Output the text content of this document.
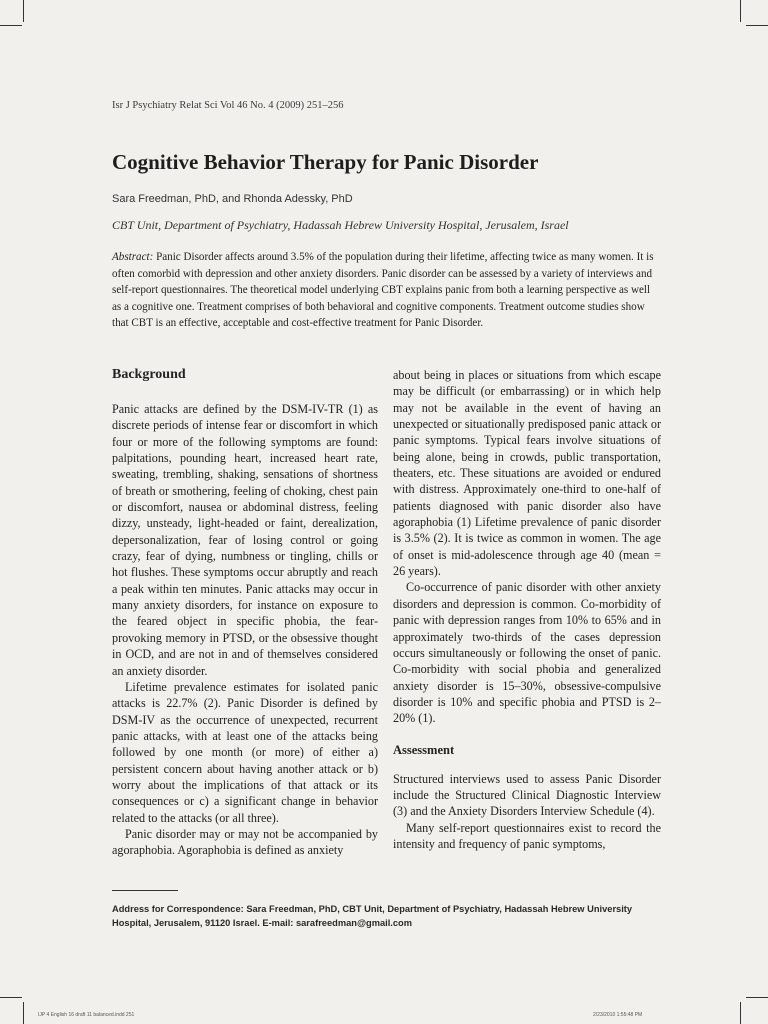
Isr J Psychiatry Relat Sci Vol 46 No. 4 (2009) 251–256
Cognitive Behavior Therapy for Panic Disorder
Sara Freedman, PhD, and Rhonda Adessky, PhD
CBT Unit, Department of Psychiatry, Hadassah Hebrew University Hospital, Jerusalem, Israel

Abstract: Panic Disorder affects around 3.5% of the population during their lifetime, affecting twice as many women. It is often comorbid with depression and other anxiety disorders. Panic disorder can be assessed by a variety of interviews and self-report questionnaires. The theoretical model underlying CBT explains panic from both a learning perspective as well as a cognitive one. Treatment comprises of both behavioral and cognitive components. Treatment outcome studies show that CBT is an effective, acceptable and cost-effective treatment for Panic Disorder.

Background

Panic attacks are defined by the DSM-IV-TR (1) as discrete periods of intense fear or discomfort in which four or more of the following symptoms are found: palpitations, pounding heart, increased heart rate, sweating, trembling, shaking, sensations of shortness of breath or smothering, feeling of choking, chest pain or discomfort, nausea or abdominal distress, feeling dizzy, unsteady, light-headed or faint, derealization, depersonalization, fear of losing control or going crazy, fear of dying, numbness or tingling, chills or hot flushes. These symptoms occur abruptly and reach a peak within ten minutes. Panic attacks may occur in many anxiety disorders, for instance on exposure to the feared object in specific phobia, the fear-provoking memory in PTSD, or the obsessive thought in OCD, and are not in and of themselves considered an anxiety disorder.

Lifetime prevalence estimates for isolated panic attacks is 22.7% (2). Panic Disorder is defined by DSM-IV as the occurrence of unexpected, recurrent panic attacks, with at least one of the attacks being followed by one month (or more) of either a) persistent concern about having another attack or b) worry about the implications of that attack or its consequences or c) a significant change in behavior related to the attacks (or all three).

Panic disorder may or may not be accompanied by agoraphobia. Agoraphobia is defined as anxiety

about being in places or situations from which escape may be difficult (or embarrassing) or in which help may not be available in the event of having an unexpected or situationally predisposed panic attack or panic symptoms. Typical fears involve situations of being alone, being in crowds, public transportation, theaters, etc. These situations are avoided or endured with distress. Approximately one-third to one-half of patients diagnosed with panic disorder also have agoraphobia (1) Lifetime prevalence of panic disorder is 3.5% (2). It is twice as common in women. The age of onset is mid-adolescence through age 40 (mean = 26 years).

Co-occurrence of panic disorder with other anxiety disorders and depression is common. Co-morbidity of panic with depression ranges from 10% to 65% and in approximately two-thirds of the cases depression occurs simultaneously or following the onset of panic. Co-morbidity with social phobia and generalized anxiety disorder is 15–30%, obsessive-compulsive disorder is 10% and specific phobia and PTSD is 2–20% (1).

Assessment

Structured interviews used to assess Panic Disorder include the Structured Clinical Diagnostic Interview (3) and the Anxiety Disorders Interview Schedule (4).

Many self-report questionnaires exist to record the intensity and frequency of panic symptoms,

Address for Correspondence: Sara Freedman, PhD, CBT Unit, Department of Psychiatry, Hadassah Hebrew University Hospital, Jerusalem, 91120 Israel. E-mail: sarafreedman@gmail.com
IJP 4 English 16 draft 11 balanced.indd 251	2/23/2010 1:55:48 PM
